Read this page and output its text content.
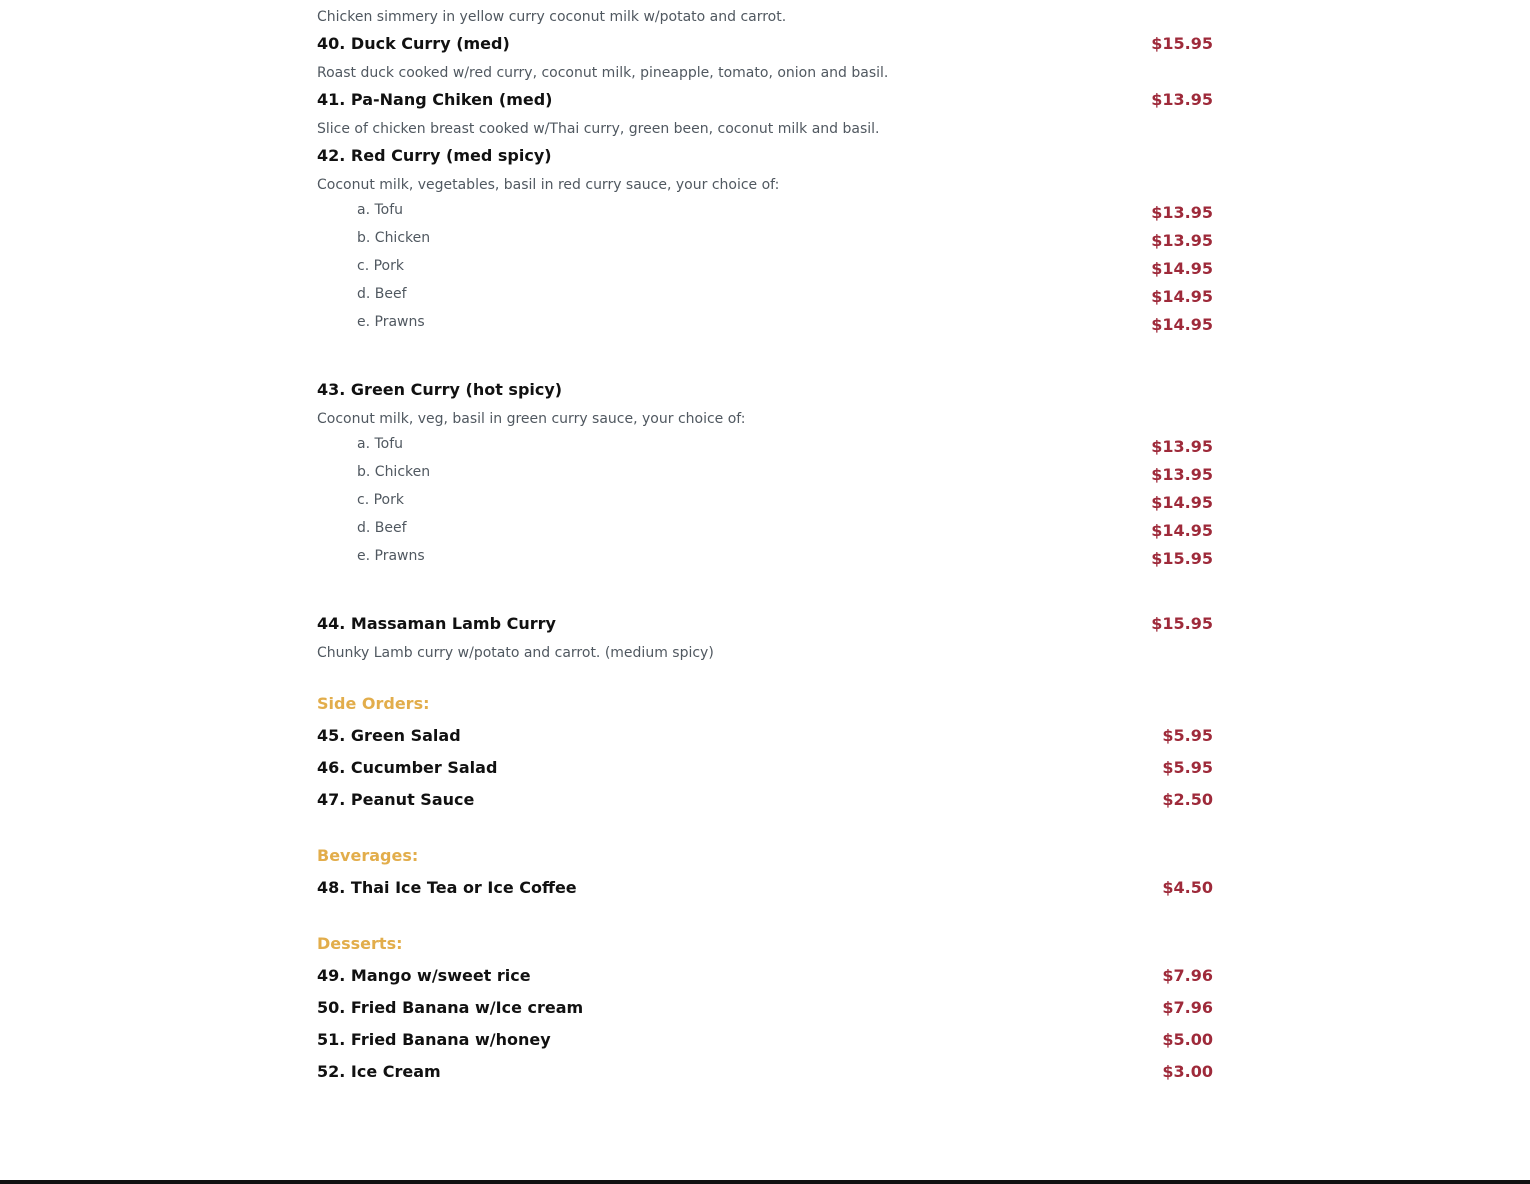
Chicken simmery in yellow curry coconut milk w/potato and carrot.
40. Duck Curry (med)	$15.95
Roast duck cooked w/red curry, coconut milk, pineapple, tomato, onion and basil.
41. Pa-Nang Chiken (med)	$13.95
Slice of chicken breast cooked w/Thai curry, green been, coconut milk and basil.
42. Red Curry (med spicy)
Coconut milk, vegetables, basil in red curry sauce, your choice of:
a. Tofu	$13.95
b. Chicken	$13.95
c. Pork	$14.95
d. Beef	$14.95
e. Prawns	$14.95
43. Green Curry (hot spicy)
Coconut milk, veg, basil in green curry sauce, your choice of:
a. Tofu	$13.95
b. Chicken	$13.95
c. Pork	$14.95
d. Beef	$14.95
e. Prawns	$15.95
44. Massaman Lamb Curry	$15.95
Chunky Lamb curry w/potato and carrot. (medium spicy)
Side Orders:
45. Green Salad	$5.95
46. Cucumber Salad	$5.95
47. Peanut Sauce	$2.50
Beverages:
48. Thai Ice Tea or Ice Coffee	$4.50
Desserts:
49. Mango w/sweet rice	$7.96
50. Fried Banana w/Ice cream	$7.96
51. Fried Banana w/honey	$5.00
52. Ice Cream	$3.00
